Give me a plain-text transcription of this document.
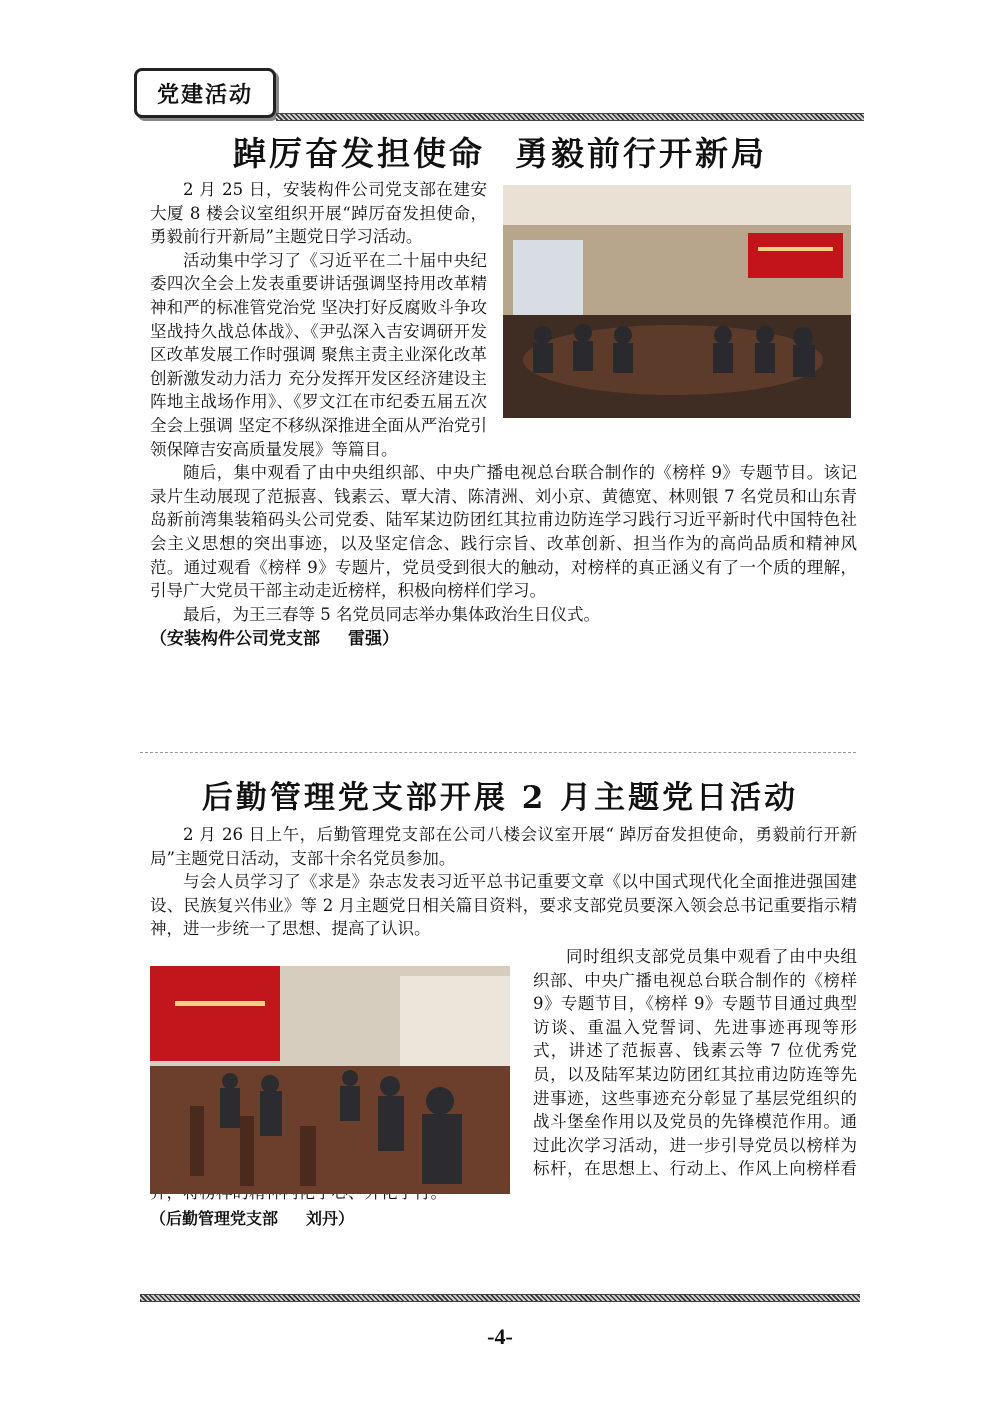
党建活动
踔厉奋发担使命 勇毅前行开新局

2 月 25 日，安装构件公司党支部在建安大厦 8 楼会议室组织开展“踔厉奋发担使命，勇毅前行开新局”主题党日学习活动。

活动集中学习了《习近平在二十届中央纪委四次全会上发表重要讲话强调坚持用改革精神和严的标准管党治党 坚决打好反腐败斗争攻坚战持久战总体战》、《尹弘深入吉安调研开发区改革发展工作时强调 聚焦主责主业深化改革创新激发动力活力 充分发挥开发区经济建设主阵地主战场作用》、《罗文江在市纪委五届五次全会上强调 坚定不移纵深推进全面从严治党引领保障吉安高质量发展》等篇目。

随后，集中观看了由中央组织部、中央广播电视总台联合制作的《榜样 9》专题节目。该记录片生动展现了范振喜、钱素云、覃大清、陈清洲、刘小京、黄德宽、林则银 7 名党员和山东青岛新前湾集装箱码头公司党委、陆军某边防团红其拉甫边防连学习践行习近平新时代中国特色社会主义思想的突出事迹，以及坚定信念、践行宗旨、改革创新、担当作为的高尚品质和精神风范。通过观看《榜样 9》专题片，党员受到很大的触动，对榜样的真正涵义有了一个质的理解，引导广大党员干部主动走近榜样，积极向榜样们学习。

最后，为王三春等 5 名党员同志举办集体政治生日仪式。

（安装构件公司党支部 雷强）

后勤管理党支部开展 2 月主题党日活动

2 月 26 日上午，后勤管理党支部在公司八楼会议室开展“ 踔厉奋发担使命，勇毅前行开新局”主题党日活动，支部十余名党员参加。

与会人员学习了《求是》杂志发表习近平总书记重要文章《以中国式现代化全面推进强国建设、民族复兴伟业》等 2 月主题党日相关篇目资料，要求支部党员要深入领会总书记重要指示精神，进一步统一了思想、提高了认识。

同时组织支部党员集中观看了由中央组织部、中央广播电视总台联合制作的《榜样 9》专题节目，《榜样 9》专题节目通过典型访谈、重温入党誓词、先进事迹再现等形式，讲述了范振喜、钱素云等 7 位优秀党员，以及陆军某边防团红其拉甫边防连等先进事迹，这些事迹充分彰显了基层党组织的战斗堡垒作用以及党员的先锋模范作用。通过此次学习活动，进一步引导党员以榜样为标杆，在思想上、行动上、作风上向榜样看

（后勤管理党支部 刘丹）

-4-
